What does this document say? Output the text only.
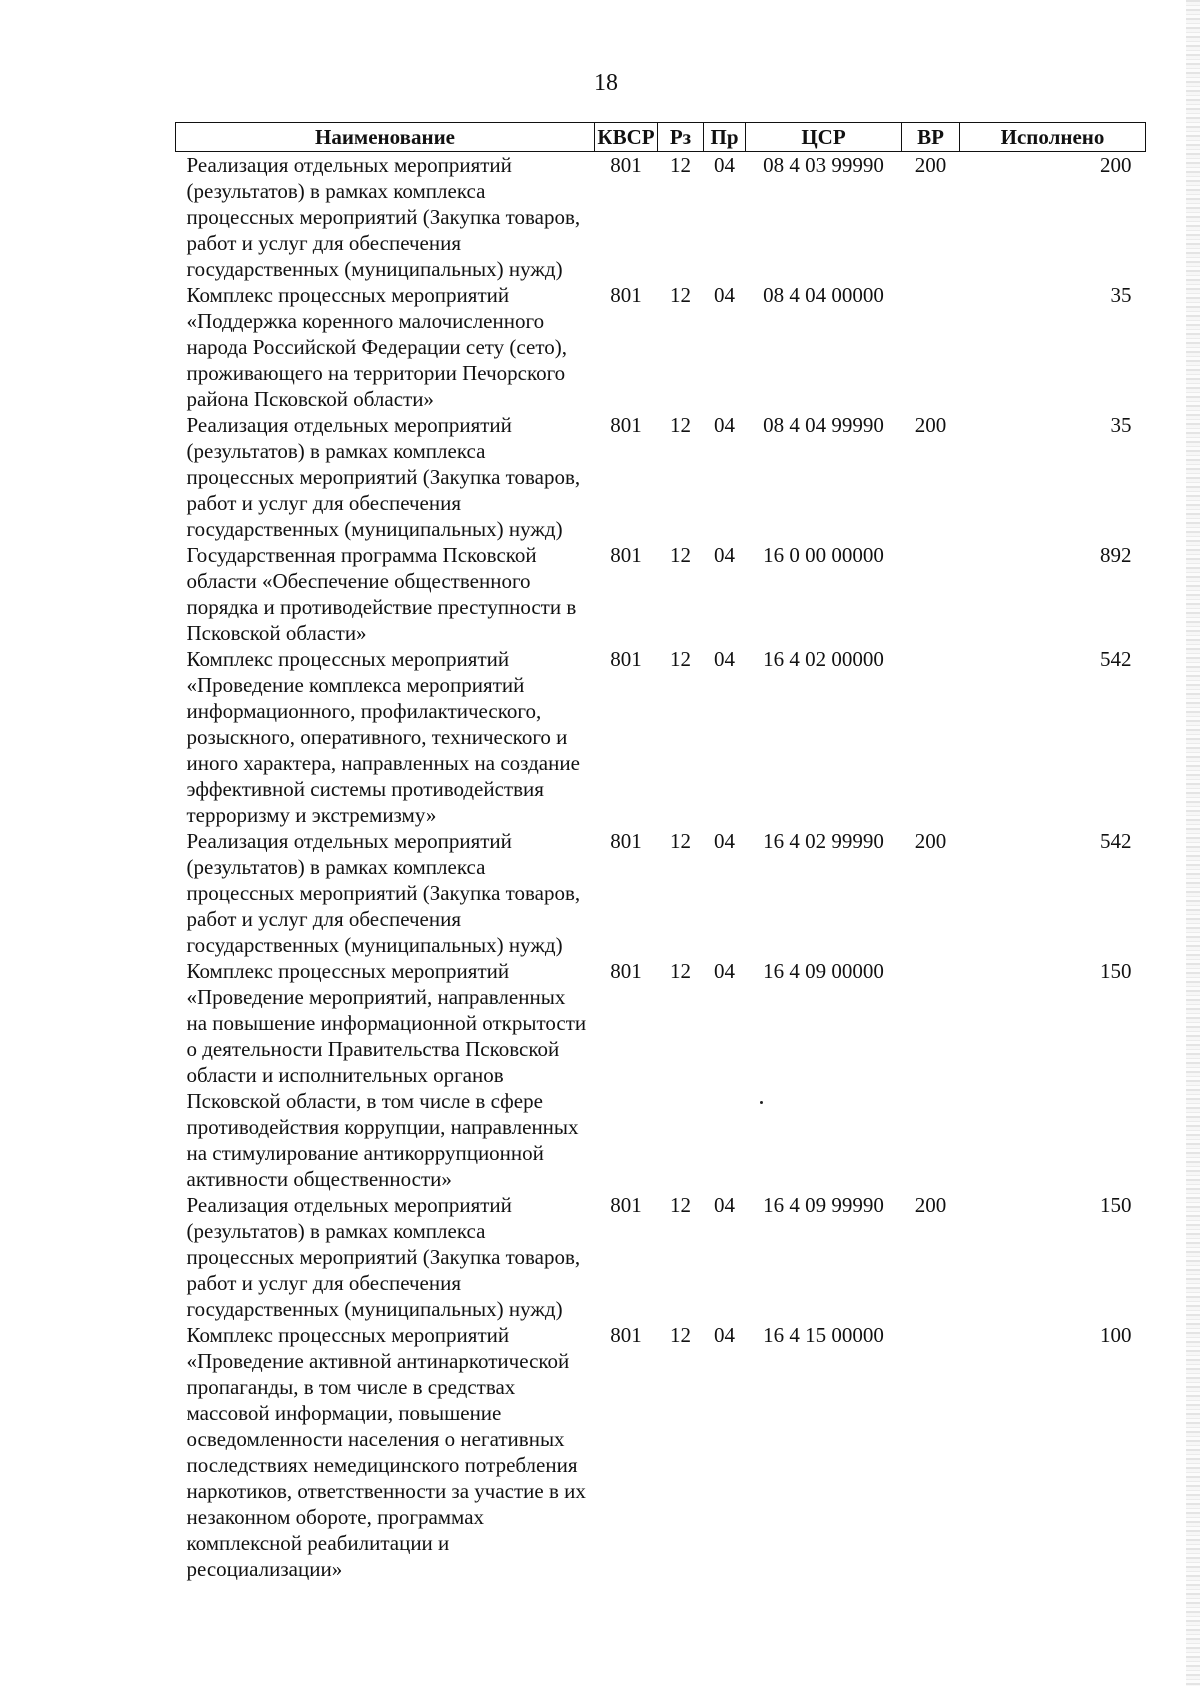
18
Наименование	КВСР	Рз	Пр	ЦСР	ВР	Исполнено
Реализация отдельных мероприятий (результатов) в рамках комплекса процессных мероприятий (Закупка товаров, работ и услуг для обеспечения государственных (муниципальных) нужд)	801	12	04	08 4 03 99990	200	200
Комплекс процессных мероприятий «Поддержка коренного малочисленного народа Российской Федерации сету (сето), проживающего на территории Печорского района Псковской области»	801	12	04	08 4 04 00000		35
Реализация отдельных мероприятий (результатов) в рамках комплекса процессных мероприятий (Закупка товаров, работ и услуг для обеспечения государственных (муниципальных) нужд)	801	12	04	08 4 04 99990	200	35
Государственная программа Псковской области «Обеспечение общественного порядка и противодействие преступности в Псковской области»	801	12	04	16 0 00 00000		892
Комплекс процессных мероприятий «Проведение комплекса мероприятий информационного, профилактического, розыскного, оперативного, технического и иного характера, направленных на создание эффективной системы противодействия терроризму и экстремизму»	801	12	04	16 4 02 00000		542
Реализация отдельных мероприятий (результатов) в рамках комплекса процессных мероприятий (Закупка товаров, работ и услуг для обеспечения государственных (муниципальных) нужд)	801	12	04	16 4 02 99990	200	542
Комплекс процессных мероприятий «Проведение мероприятий, направленных на повышение информационной открытости о деятельности Правительства Псковской области и исполнительных органов Псковской области, в том числе в сфере противодействия коррупции, направленных на стимулирование антикоррупционной активности общественности»	801	12	04	16 4 09 00000		150
Реализация отдельных мероприятий (результатов) в рамках комплекса процессных мероприятий (Закупка товаров, работ и услуг для обеспечения государственных (муниципальных) нужд)	801	12	04	16 4 09 99990	200	150
Комплекс процессных мероприятий «Проведение активной антинаркотической пропаганды, в том числе в средствах массовой информации, повышение осведомленности населения о негативных последствиях немедицинского потребления наркотиков, ответственности за участие в их незаконном обороте, программах комплексной реабилитации и ресоциализации»	801	12	04	16 4 15 00000		100
